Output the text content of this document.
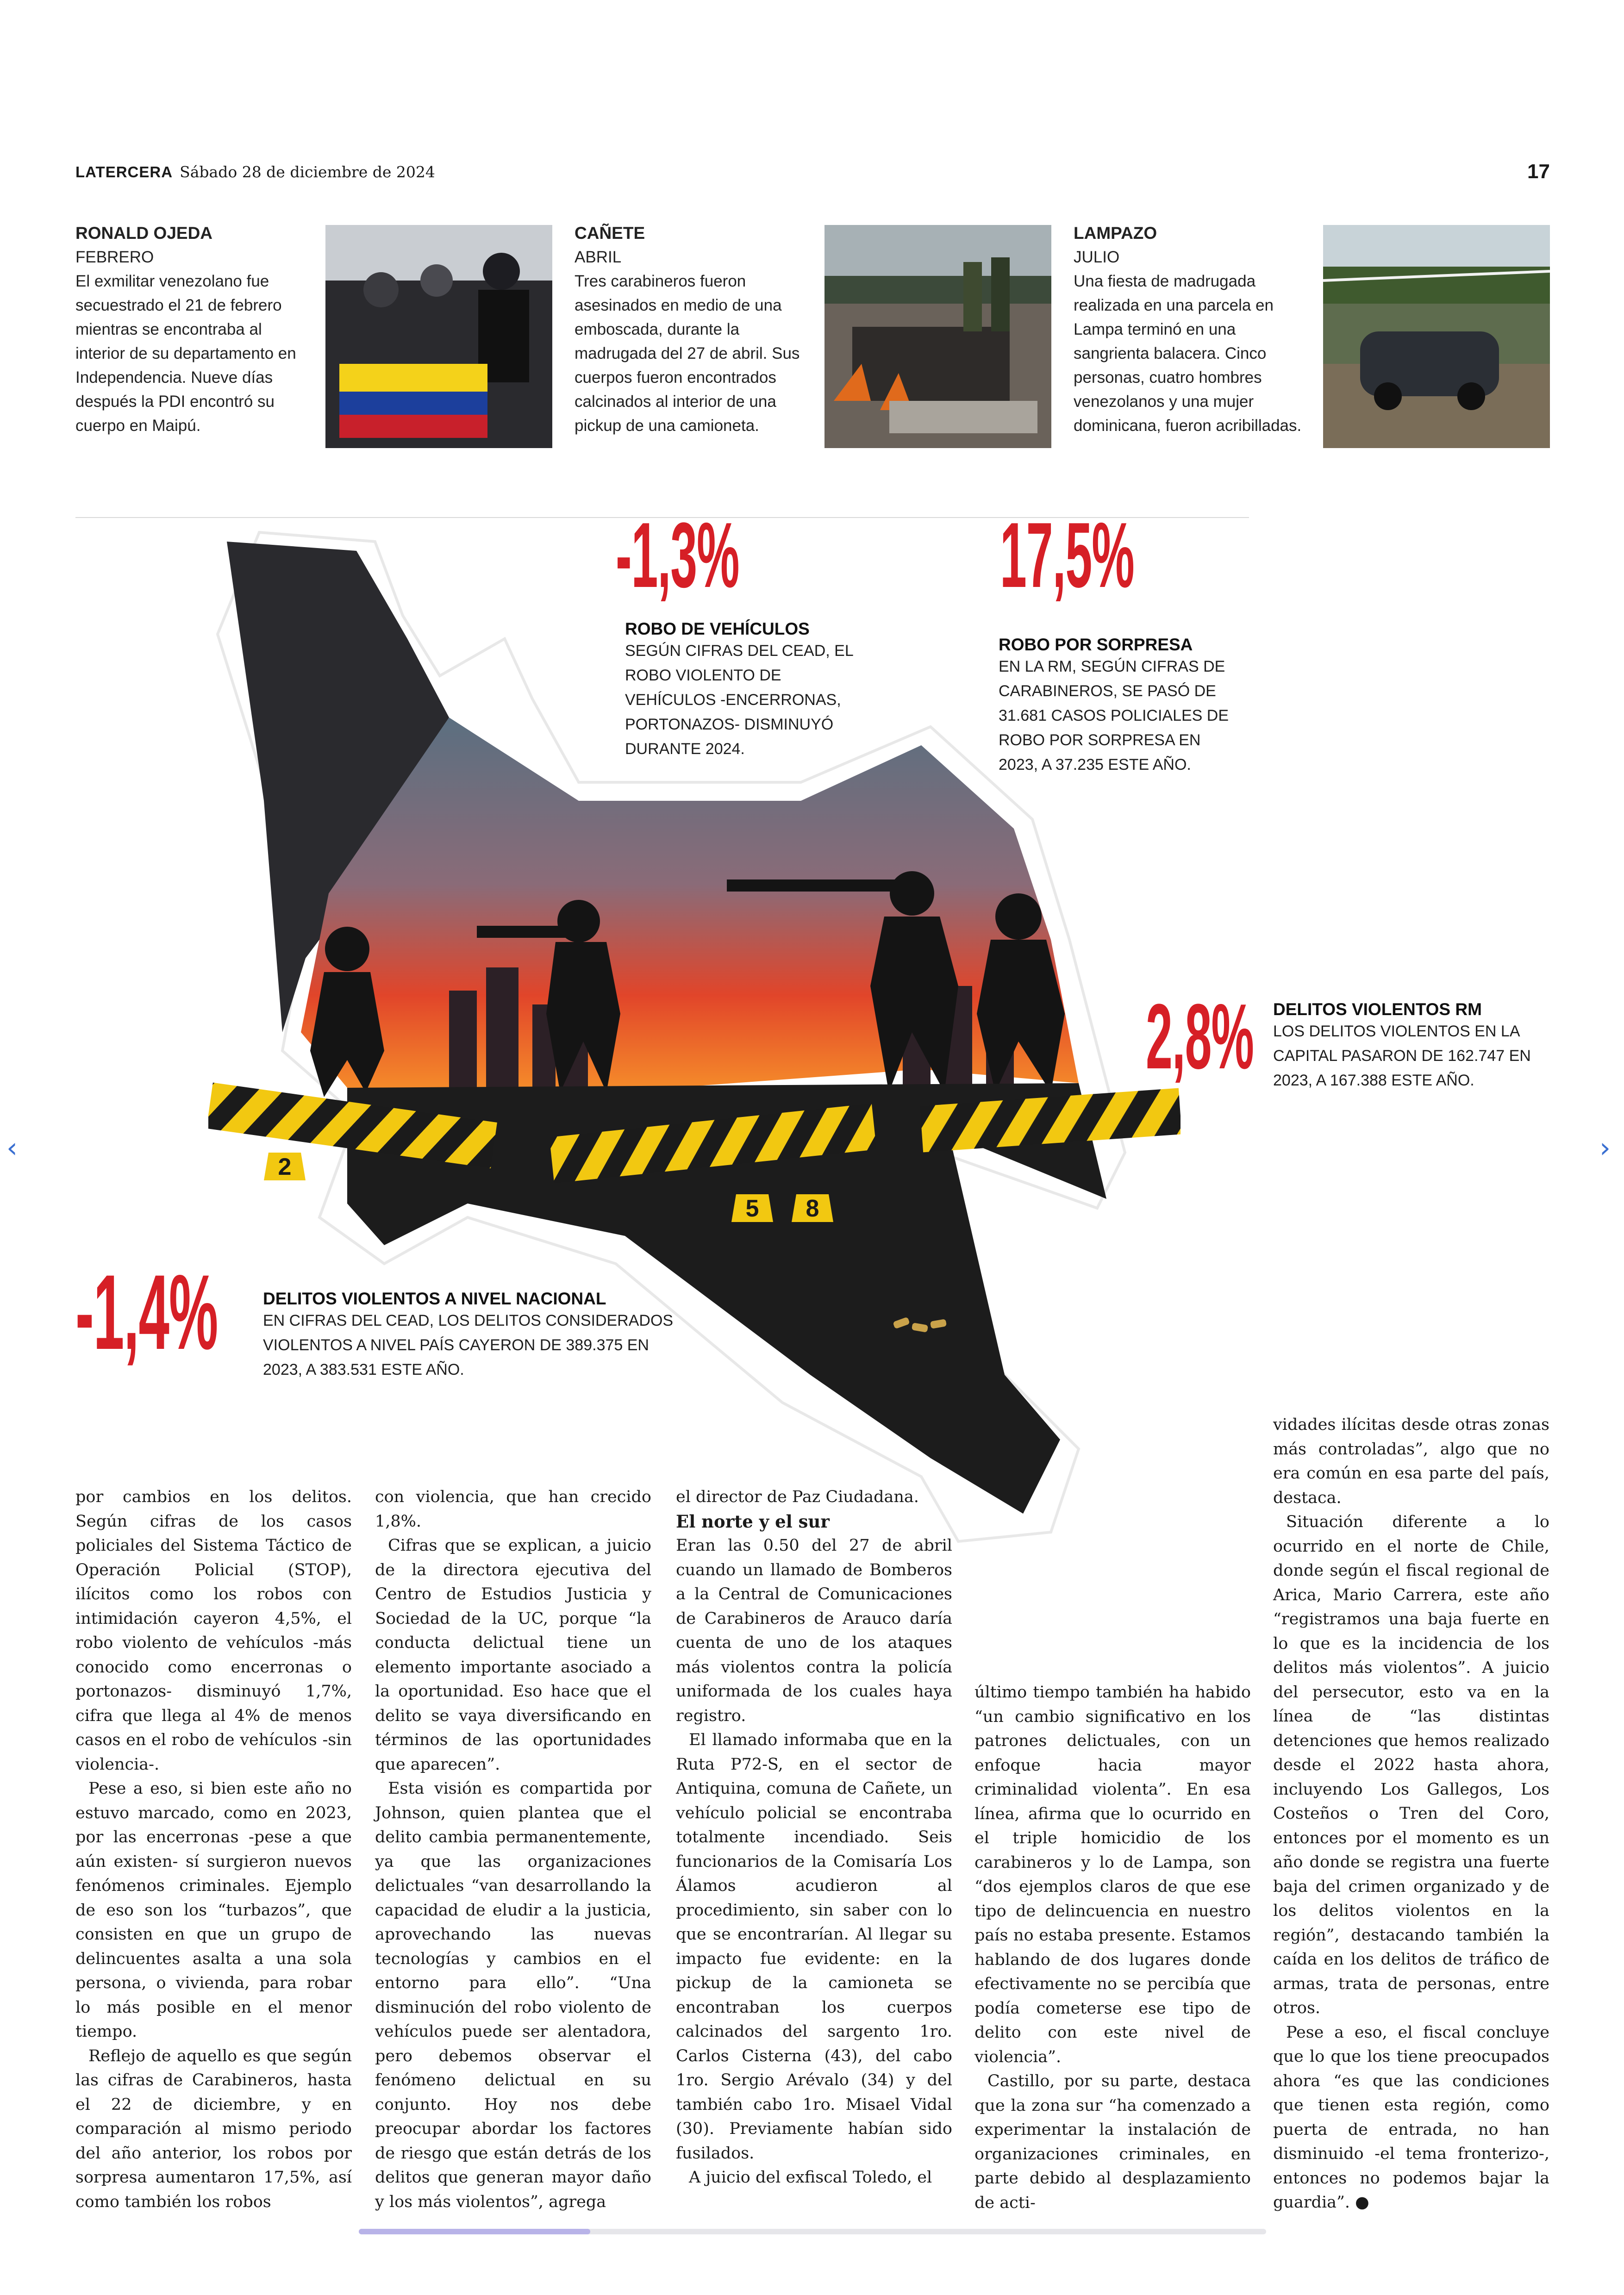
LATERCERA Sábado 28 de diciembre de 2024	17
RONALD OJEDA
FEBRERO
El exmilitar venezolano fue secuestrado el 21 de febrero mientras se encontraba al interior de su departamento en Independencia. Nueve días después la PDI encontró su cuerpo en Maipú.
CAÑETE
ABRIL
Tres carabineros fueron asesinados en medio de una emboscada, durante la madrugada del 27 de abril. Sus cuerpos fueron encontrados calcinados al interior de una pickup de una camioneta.
LAMPAZO
JULIO
Una fiesta de madrugada realizada en una parcela en Lampa terminó en una sangrienta balacera. Cinco personas, cuatro hombres venezolanos y una mujer dominicana, fueron acribilladas.
2
5 8
-1,3%
ROBO DE VEHÍCULOS
SEGÚN CIFRAS DEL CEAD, EL ROBO VIOLENTO DE VEHÍCULOS -ENCERRONAS, PORTONAZOS- DISMINUYÓ DURANTE 2024.
17,5%
ROBO POR SORPRESA
EN LA RM, SEGÚN CIFRAS DE CARABINEROS, SE PASÓ DE 31.681 CASOS POLICIALES DE ROBO POR SORPRESA EN 2023, A 37.235 ESTE AÑO.
2,8% DELITOS VIOLENTOS RM
LOS DELITOS VIOLENTOS EN LA CAPITAL PASARON DE 162.747 EN 2023, A 167.388 ESTE AÑO.
-1,4%	DELITOS VIOLENTOS A NIVEL NACIONAL
EN CIFRAS DEL CEAD, LOS DELITOS CONSIDERADOS VIOLENTOS A NIVEL PAÍS CAYERON DE 389.375 EN 2023, A 383.531 ESTE AÑO.

por cambios en los delitos. Según cifras de los casos policiales del Sistema Táctico de Operación Policial (STOP), ilícitos como los robos con intimidación cayeron 4,5%, el robo violento de vehículos -más conocido como encerronas o portonazos- disminuyó 1,7%, cifra que llega al 4% de menos casos en el robo de vehículos -sin violencia-.

Pese a eso, si bien este año no estuvo marcado, como en 2023, por las encerronas -pese a que aún existen- sí surgieron nuevos fenómenos criminales. Ejemplo de eso son los “turbazos”, que consisten en que un grupo de delincuentes asalta a una sola persona, o vivienda, para robar lo más posible en el menor tiempo.

Reflejo de aquello es que según las cifras de Carabineros, hasta el 22 de diciembre, y en comparación al mismo periodo del año anterior, los robos por sorpresa aumentaron 17,5%, así como también los robos

con violencia, que han crecido 1,8%.

Cifras que se explican, a juicio de la directora ejecutiva del Centro de Estudios Justicia y Sociedad de la UC, porque “la conducta delictual tiene un elemento importante asociado a la oportunidad. Eso hace que el delito se vaya diversificando en términos de las oportunidades que aparecen”.

Esta visión es compartida por Johnson, quien plantea que el delito cambia permanentemente, ya que las organizaciones delictuales “van desarrollando la capacidad de eludir a la justicia, aprovechando las nuevas tecnologías y cambios en el entorno para ello”. “Una disminución del robo violento de vehículos puede ser alentadora, pero debemos observar el fenómeno delictual en su conjunto. Hoy nos debe preocupar abordar los factores de riesgo que están detrás de los delitos que generan mayor daño y los más violentos”, agrega

el director de Paz Ciudadana.

El norte y el sur

Eran las 0.50 del 27 de abril cuando un llamado de Bomberos a la Central de Comunicaciones de Carabineros de Arauco daría cuenta de uno de los ataques más violentos contra la policía uniformada de los cuales haya registro.

El llamado informaba que en la Ruta P72-S, en el sector de Antiquina, comuna de Cañete, un vehículo policial se encontraba totalmente incendiado. Seis funcionarios de la Comisaría Los Álamos acudieron al procedimiento, sin saber con lo que se encontrarían. Al llegar su impacto fue evidente: en la pickup de la camioneta se encontraban los cuerpos calcinados del sargento 1ro. Carlos Cisterna (43), del cabo 1ro. Sergio Arévalo (34) y del también cabo 1ro. Misael Vidal (30). Previamente habían sido fusilados.

A juicio del exfiscal Toledo, el

último tiempo también ha habido “un cambio significativo en los patrones delictuales, con un enfoque hacia mayor criminalidad violenta”. En esa línea, afirma que lo ocurrido en el triple homicidio de los carabineros y lo de Lampa, son “dos ejemplos claros de que ese tipo de delincuencia en nuestro país no estaba presente. Estamos hablando de dos lugares donde efectivamente no se percibía que podía cometerse ese tipo de delito con este nivel de violencia”.

Castillo, por su parte, destaca que la zona sur “ha comenzado a experimentar la instalación de organizaciones criminales, en parte debido al desplazamiento de acti-

vidades ilícitas desde otras zonas más controladas”, algo que no era común en esa parte del país, destaca.

Situación diferente a lo ocurrido en el norte de Chile, donde según el fiscal regional de Arica, Mario Carrera, este año “registramos una baja fuerte en lo que es la incidencia de los delitos más violentos”. A juicio del persecutor, esto va en la línea de “las distintas detenciones que hemos realizado desde el 2022 hasta ahora, incluyendo Los Gallegos, Los Costeños o Tren del Coro, entonces por el momento es un año donde se registra una fuerte baja del crimen organizado y de los delitos violentos en la región”, destacando también la caída en los delitos de tráfico de armas, trata de personas, entre otros.

Pese a eso, el fiscal concluye que lo que los tiene preocupados ahora “es que las condiciones que tienen esta región, como puerta de entrada, no han disminuido -el tema fronterizo-, entonces no podemos bajar la guardia”. ●

‹	›
